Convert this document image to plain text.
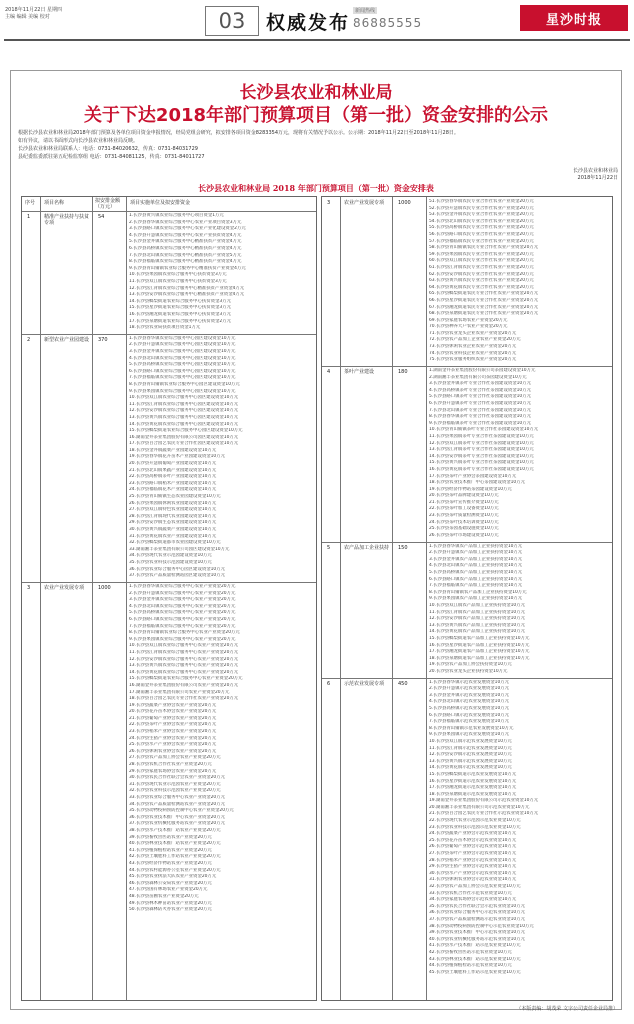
2018年11月22日 星期四
主编 编辑 美编 校对	03	权威发布
新闻热线
86885555	星沙时报
长沙县农业和林业局
关于下达2018年部门预算项目（第一批）资金安排的公示

根据长沙县农业和林业局2018年部门预算及各单位项目资金申报情况，经局党组会研究，拟安排各项目资金8283354万元，现将有关情况予以公示。公示期：2018年11月22日至2018年11月28日。

如有异议，请以书面形式向长沙县农业和林业局反映。

长沙县农业和林业局联系人：电话：0731-84020632，传真：0731-84031729

县纪委监委派驻第五纪检监察组 电话：0731-84081125，传真：0731-84011727

长沙县农业和林业局
2018年11月22日
长沙县农业和林业局 2018 年部门预算项目（第一批）资金安排表
序号 项目名称	拟安排金额（万元）
项目实施单位及拟安排资金
1	精准产业扶持与扶贫专项
54	1.长沙县黄兴镇农业综合服务中心项目资金1万元
2.长沙县春华镇农业综合服务中心农业产业项目资金3万元
3.长沙县路口镇农业综合服务中心农业产业化建设资金2万元
4.长沙县开慧镇农业综合服务中心农业产业扶贫资金4万元
5.长沙县金井镇农业综合服务中心精准扶贫产业资金4万元
6.长沙县高桥镇农业综合服务中心精准扶贫产业资金4万元
7.长沙县北山镇农业综合服务中心精准扶贫产业资金5万元
8.长沙县福临镇农业综合服务中心精准扶贫产业资金4万元
9.长沙县青山铺镇农业综合服务中心精准扶贫产业资金4万元
10.长沙县果园镇农业综合服务中心扶贫资金3万元
11.长沙县双江镇农业综合服务中心扶贫资金3万元
12.长沙县江背镇农业综合服务中心精准扶贫产业资金4万元
13.长沙县安沙镇农业综合服务中心精准扶贫产业资金4万元
14.长沙县榔梨街道农业综合服务中心扶贫资金3万元
15.长沙县星沙街道农业综合服务中心扶贫资金3万元
16.长沙县湘龙街道农业综合服务中心扶贫资金3万元
17.长沙县泉塘街道农业综合服务中心扶贫资金2万元
18.长沙县农业局扶贫项目资金1万元
2	新型农业产业园建设 370	1.长沙县春华镇农业综合服务中心园区建设资金10万元
2.长沙县开慧镇农业综合服务中心园区建设资金10万元
3.长沙县金井镇农业综合服务中心园区建设资金10万元
4.长沙县北山镇农业综合服务中心园区建设资金10万元
5.长沙县高桥镇农业综合服务中心园区建设资金10万元
6.长沙县路口镇农业综合服务中心园区建设资金10万元
7.长沙县福临镇农业综合服务中心园区建设资金10万元
8.长沙县青山铺镇农业综合服务中心园区建设资金10万元
9.长沙县果园镇农业综合服务中心园区建设资金10万元
10.长沙县双江镇农业综合服务中心园区建设资金10万元
11.长沙县江背镇农业综合服务中心园区建设资金10万元
12.长沙县安沙镇农业综合服务中心园区建设资金10万元
13.长沙县黄兴镇农业综合服务中心园区建设资金10万元
14.长沙县黄花镇农业综合服务中心园区建设资金10万元
15.长沙县榔梨街道农业综合服务中心园区建设资金10万元
16.湖南金井茶业集团股份有限公司园区建设资金10万元
17.长沙县百合园艺农民专业合作社园区建设资金10万元
18.长沙县金井镇蔬菜产业园建设资金10万元
19.长沙县春华镇花卉苗木产业园建设资金10万元
20.长沙县开慧镇葡萄产业园建设资金10万元
21.长沙县北山镇果蔬产业园建设资金10万元
22.长沙县高桥镇茶叶产业园建设资金10万元
23.长沙县路口镇稻米产业园建设资金10万元
24.长沙县福临镇花木产业园建设资金10万元
25.长沙县青山铺镇生态农业园建设资金10万元
26.长沙县果园镇休闲农业园建设资金10万元
27.长沙县双江镇特色农业园建设资金10万元
28.长沙县江背镇现代农业园建设资金10万元
29.长沙县安沙镇生态农业园建设资金10万元
30.长沙县黄兴镇蔬菜产业园建设资金10万元
31.长沙县黄花镇农业产业园建设资金10万元
32.长沙县榔梨街道都市农业园建设资金10万元
33.湖南湘丰茶业集团有限公司园区建设资金10万元
34.长沙县现代农业示范园建设资金10万元
35.长沙县农业科技示范园建设资金10万元
36.长沙县农业综合服务中心园区建设资金10万元
37.长沙县农产品质量检测站园区建设资金10万元
3	农业产业发展专项	1000	1.长沙县春华镇农业综合服务中心农业产业资金20万元
2.长沙县开慧镇农业综合服务中心农业产业资金20万元
3.长沙县金井镇农业综合服务中心农业产业资金20万元
4.长沙县北山镇农业综合服务中心农业产业资金20万元
5.长沙县高桥镇农业综合服务中心农业产业资金20万元
6.长沙县路口镇农业综合服务中心农业产业资金20万元
7.长沙县福临镇农业综合服务中心农业产业资金20万元
8.长沙县青山铺镇农业综合服务中心农业产业资金20万元
9.长沙县果园镇农业综合服务中心农业产业资金20万元
10.长沙县双江镇农业综合服务中心农业产业资金20万元
11.长沙县江背镇农业综合服务中心农业产业资金20万元
12.长沙县安沙镇农业综合服务中心农业产业资金20万元
13.长沙县黄兴镇农业综合服务中心农业产业资金20万元
14.长沙县黄花镇农业综合服务中心农业产业资金20万元
15.长沙县榔梨街道农业综合服务中心农业产业资金20万元
16.湖南金井茶业集团股份有限公司农业产业资金20万元
17.湖南湘丰茶业集团有限公司农业产业资金20万元
18.长沙县百合园艺农民专业合作社农业产业资金20万元
19.长沙县蔬菜产业协会农业产业资金20万元
20.长沙县花卉苗木协会农业产业资金20万元
21.长沙县葡萄产业协会农业产业资金20万元
22.长沙县茶叶产业协会农业产业资金20万元
23.长沙县稻米产业协会农业产业资金20万元
24.长沙县生猪产业协会农业产业资金20万元
25.长沙县水产产业协会农业产业资金20万元
26.长沙县休闲农业协会农业产业资金20万元
27.长沙县农产品加工协会农业产业资金20万元
28.长沙县农机合作社农业产业资金20万元
29.长沙县家庭农场协会农业产业资金20万元
30.长沙县农民合作社联合会农业产业资金20万元
31.长沙县现代农业示范园农业产业资金20万元
32.长沙县农业科技示范园农业产业资金20万元
33.长沙县农业综合服务中心农业产业资金20万元
34.长沙县农产品质量检测站农业产业资金20万元
35.长沙县动物疫病预防控制中心农业产业资金20万元
36.长沙县农业技术推广中心农业产业资金20万元
37.长沙县农业机械化服务站农业产业资金20万元
38.长沙县水产技术推广站农业产业资金20万元
39.长沙县畜牧兽医站农业产业资金20万元
40.长沙县林业技术推广站农业产业资金20万元
41.长沙县植保植检站农业产业资金20万元
42.长沙县土壤肥料工作站农业产业资金20万元
43.长沙县经济作物站农业产业资金20万元
44.长沙县农村能源办公室农业产业资金20万元
45.长沙县农业执法大队农业产业资金20万元
46.长沙县森林公安局农业产业资金20万元
47.长沙县国有林场农业产业资金20万元
48.长沙县苗圃农业产业资金20万元
49.长沙县林木种苗站农业产业资金20万元
50.长沙县森林防火办农业产业资金20万元
3	农业产业发展专项	1000	51.长沙县春华镇农民专业合作社农业产业资金20万元
52.长沙县开慧镇农民专业合作社农业产业资金20万元
53.长沙县金井镇农民专业合作社农业产业资金20万元
54.长沙县北山镇农民专业合作社农业产业资金20万元
55.长沙县高桥镇农民专业合作社农业产业资金20万元
56.长沙县路口镇农民专业合作社农业产业资金20万元
57.长沙县福临镇农民专业合作社农业产业资金20万元
58.长沙县青山铺镇农民专业合作社农业产业资金20万元
59.长沙县果园镇农民专业合作社农业产业资金20万元
60.长沙县双江镇农民专业合作社农业产业资金20万元
61.长沙县江背镇农民专业合作社农业产业资金20万元
62.长沙县安沙镇农民专业合作社农业产业资金20万元
63.长沙县黄兴镇农民专业合作社农业产业资金20万元
64.长沙县黄花镇农民专业合作社农业产业资金20万元
65.长沙县榔梨街道农民专业合作社农业产业资金20万元
66.长沙县星沙街道农民专业合作社农业产业资金20万元
67.长沙县湘龙街道农民专业合作社农业产业资金20万元
68.长沙县泉塘街道农民专业合作社农业产业资金20万元
69.长沙县家庭农场农业产业资金20万元
70.长沙县种养大户农业产业资金20万元
71.长沙县农业龙头企业农业产业资金20万元
72.长沙县农产品加工企业农业产业资金20万元
73.长沙县休闲农业企业农业产业资金20万元
74.长沙县农业科技企业农业产业资金20万元
75.长沙县农业服务组织农业产业资金20万元
4	茶叶产业建设	180	1.湖南金井茶业集团股份有限公司茶园建设资金10万元
2.湖南湘丰茶业集团有限公司茶园建设资金10万元
3.长沙县金井镇茶叶专业合作社茶园建设资金10万元
4.长沙县高桥镇茶叶专业合作社茶园建设资金10万元
5.长沙县路口镇茶叶专业合作社茶园建设资金10万元
6.长沙县开慧镇茶叶专业合作社茶园建设资金10万元
7.长沙县北山镇茶叶专业合作社茶园建设资金10万元
8.长沙县春华镇茶叶专业合作社茶园建设资金10万元
9.长沙县福临镇茶叶专业合作社茶园建设资金10万元
10.长沙县青山铺镇茶叶专业合作社茶园建设资金10万元
11.长沙县果园镇茶叶专业合作社茶园建设资金10万元
12.长沙县双江镇茶叶专业合作社茶园建设资金10万元
13.长沙县江背镇茶叶专业合作社茶园建设资金10万元
14.长沙县安沙镇茶叶专业合作社茶园建设资金10万元
15.长沙县黄兴镇茶叶专业合作社茶园建设资金10万元
16.长沙县黄花镇茶叶专业合作社茶园建设资金10万元
17.长沙县茶叶产业协会茶园建设资金10万元
18.长沙县农业技术推广中心茶园建设资金10万元
19.长沙县经济作物站茶园建设资金10万元
20.长沙县茶叶品牌建设资金10万元
21.长沙县茶叶宣传推介资金10万元
22.长沙县茶叶加工设备资金10万元
23.长沙县茶叶质量检测资金10万元
24.长沙县茶叶技术培训资金10万元
25.长沙县茶园基础设施资金10万元
26.长沙县茶叶市场建设资金10万元
5	农产品加工企业扶持 150	1.长沙县春华镇农产品加工企业扶持资金10万元
2.长沙县开慧镇农产品加工企业扶持资金10万元
3.长沙县金井镇农产品加工企业扶持资金10万元
4.长沙县北山镇农产品加工企业扶持资金10万元
5.长沙县高桥镇农产品加工企业扶持资金10万元
6.长沙县路口镇农产品加工企业扶持资金10万元
7.长沙县福临镇农产品加工企业扶持资金10万元
8.长沙县青山铺镇农产品加工企业扶持资金10万元
9.长沙县果园镇农产品加工企业扶持资金10万元
10.长沙县双江镇农产品加工企业扶持资金10万元
11.长沙县江背镇农产品加工企业扶持资金10万元
12.长沙县安沙镇农产品加工企业扶持资金10万元
13.长沙县黄兴镇农产品加工企业扶持资金10万元
14.长沙县黄花镇农产品加工企业扶持资金10万元
15.长沙县榔梨街道农产品加工企业扶持资金10万元
16.长沙县星沙街道农产品加工企业扶持资金10万元
17.长沙县湘龙街道农产品加工企业扶持资金10万元
18.长沙县泉塘街道农产品加工企业扶持资金10万元
19.长沙县农产品加工协会扶持资金10万元
20.长沙县农业龙头企业扶持资金10万元
6	示范农业发展专项	450	1.长沙县春华镇示范农业发展资金10万元
2.长沙县开慧镇示范农业发展资金10万元
3.长沙县金井镇示范农业发展资金10万元
4.长沙县北山镇示范农业发展资金10万元
5.长沙县高桥镇示范农业发展资金10万元
6.长沙县路口镇示范农业发展资金10万元
7.长沙县福临镇示范农业发展资金10万元
8.长沙县青山铺镇示范农业发展资金10万元
9.长沙县果园镇示范农业发展资金10万元
10.长沙县双江镇示范农业发展资金10万元
11.长沙县江背镇示范农业发展资金10万元
12.长沙县安沙镇示范农业发展资金10万元
13.长沙县黄兴镇示范农业发展资金10万元
14.长沙县黄花镇示范农业发展资金10万元
15.长沙县榔梨街道示范农业发展资金10万元
16.长沙县星沙街道示范农业发展资金10万元
17.长沙县湘龙街道示范农业发展资金10万元
18.长沙县泉塘街道示范农业发展资金10万元
19.湖南金井茶业集团股份有限公司示范农业资金10万元
20.湖南湘丰茶业集团有限公司示范农业资金10万元
21.长沙县百合园艺农民专业合作社示范农业资金10万元
22.长沙县现代农业示范园示范农业资金10万元
23.长沙县农业科技示范园示范农业资金10万元
24.长沙县蔬菜产业协会示范农业资金10万元
25.长沙县花卉苗木协会示范农业资金10万元
26.长沙县葡萄产业协会示范农业资金10万元
27.长沙县茶叶产业协会示范农业资金10万元
28.长沙县稻米产业协会示范农业资金10万元
29.长沙县生猪产业协会示范农业资金10万元
30.长沙县水产产业协会示范农业资金10万元
31.长沙县休闲农业协会示范农业资金10万元
32.长沙县农产品加工协会示范农业资金10万元
33.长沙县农机合作社示范农业资金10万元
34.长沙县家庭农场协会示范农业资金10万元
35.长沙县农民合作社联合会示范农业资金10万元
36.长沙县农业综合服务中心示范农业资金10万元
37.长沙县农产品质量检测站示范农业资金10万元
38.长沙县动物疫病预防控制中心示范农业资金10万元
39.长沙县农业技术推广中心示范农业资金10万元
40.长沙县农业机械化服务站示范农业资金10万元
41.长沙县水产技术推广站示范农业资金10万元
42.长沙县畜牧兽医站示范农业资金10万元
43.长沙县林业技术推广站示范农业资金10万元
44.长沙县植保植检站示范农业资金10万元
45.长沙县土壤肥料工作站示范农业资金10万元
（本版责编：胡茂荣 文字公司责任企业局推）
